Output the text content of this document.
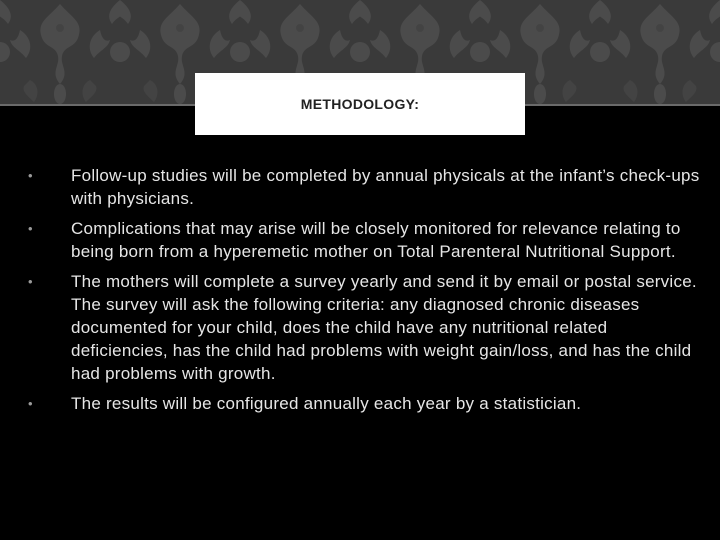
METHODOLOGY:
•	Follow-up studies will be completed by annual physicals at the infant’s check-ups with physicians.
•	Complications that may arise will be closely monitored for relevance relating to being born from a hyperemetic mother on Total Parenteral Nutritional Support.
•	The mothers will complete a survey yearly and send it by email or postal service. The survey will ask the following criteria: any diagnosed chronic diseases documented for your child, does the child have any nutritional related deficiencies, has the child had problems with weight gain/loss, and has the child had problems with growth.
•	The results will be configured annually each year by a statistician.
